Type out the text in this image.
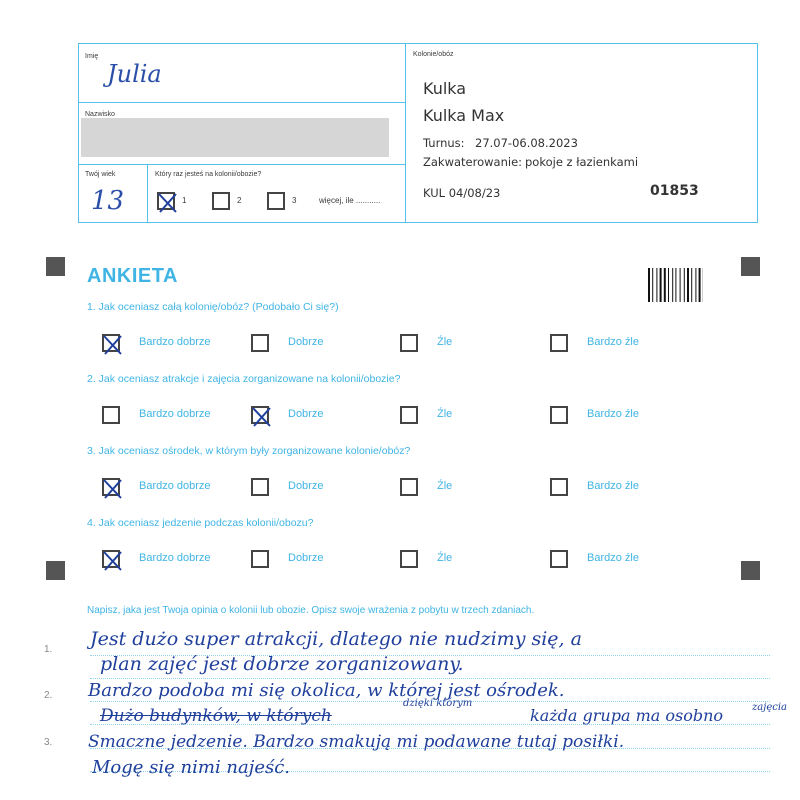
Imię
Julia
Nazwisko
Twój wiek
13
Który raz jesteś na kolonii/obozie?
1	2	3	więcej, ile ...........
Kolonie/obóz
Kulka
Kulka Max
Turnus: 27.07-06.08.2023
Zakwaterowanie: pokoje z łazienkami
KUL 04/08/23	01853
ANKIETA
1. Jak oceniasz całą kolonię/obóz? (Podobało Ci się?)
Bardzo dobrze	Dobrze	Źle	Bardzo źle
2. Jak oceniasz atrakcje i zajęcia zorganizowane na kolonii/obozie?
Bardzo dobrze	Dobrze	Źle	Bardzo źle
3. Jak oceniasz ośrodek, w którym były zorganizowane kolonie/obóz?
Bardzo dobrze	Dobrze	Źle	Bardzo źle
4. Jak oceniasz jedzenie podczas kolonii/obozu?
Bardzo dobrze	Dobrze	Źle	Bardzo źle
Napisz, jaka jest Twoja opinia o kolonii lub obozie. Opisz swoje wrażenia z pobytu w trzech zdaniach.
1.
2.
3.
Jest dużo super atrakcji, dlatego nie nudzimy się, a
plan zajęć jest dobrze zorganizowany.
Bardzo podoba mi się okolica, w której jest ośrodek.
Dużo budynków, w których
dzięki którym
każda grupa ma osobno	zajęcia
Smaczne jedzenie. Bardzo smakują mi podawane tutaj posiłki.
Mogę się nimi najeść.
